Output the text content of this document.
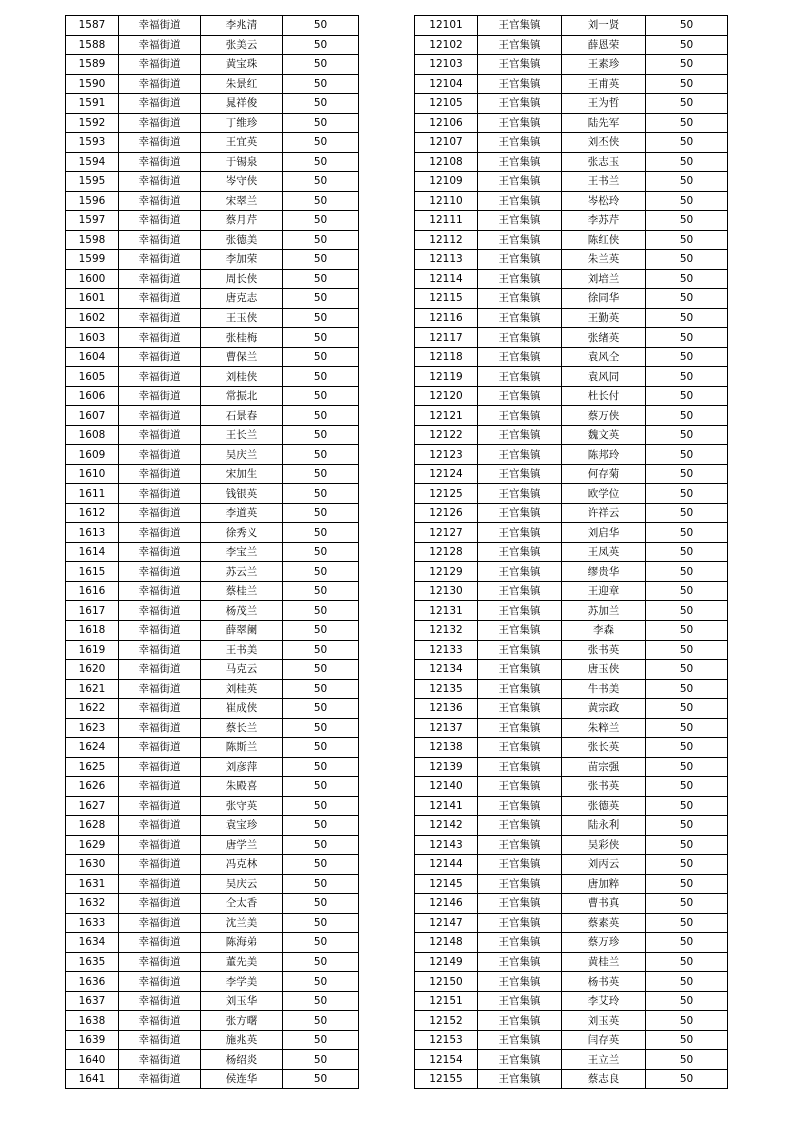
1587	幸福街道	李兆清	50
1588	幸福街道	张美云	50
1589	幸福街道	黄宝珠	50
1590	幸福街道	朱景红	50
1591	幸福街道	晁祥俊	50
1592	幸福街道	丁维珍	50
1593	幸福街道	王宜英	50
1594	幸福街道	于锡泉	50
1595	幸福街道	岑守侠	50
1596	幸福街道	宋翠兰	50
1597	幸福街道	蔡月芹	50
1598	幸福街道	张德美	50
1599	幸福街道	李加荣	50
1600	幸福街道	周长侠	50
1601	幸福街道	唐克志	50
1602	幸福街道	王玉侠	50
1603	幸福街道	张桂梅	50
1604	幸福街道	曹保兰	50
1605	幸福街道	刘桂侠	50
1606	幸福街道	常振北	50
1607	幸福街道	石景春	50
1608	幸福街道	王长兰	50
1609	幸福街道	吴庆兰	50
1610	幸福街道	宋加生	50
1611	幸福街道	钱银英	50
1612	幸福街道	李道英	50
1613	幸福街道	徐秀义	50
1614	幸福街道	李宝兰	50
1615	幸福街道	苏云兰	50
1616	幸福街道	蔡桂兰	50
1617	幸福街道	杨茂兰	50
1618	幸福街道	薛翠阑	50
1619	幸福街道	王书美	50
1620	幸福街道	马克云	50
1621	幸福街道	刘桂英	50
1622	幸福街道	崔成侠	50
1623	幸福街道	蔡长兰	50
1624	幸福街道	陈斯兰	50
1625	幸福街道	刘彦萍	50
1626	幸福街道	朱殿喜	50
1627	幸福街道	张守英	50
1628	幸福街道	袁宝珍	50
1629	幸福街道	唐学兰	50
1630	幸福街道	冯克林	50
1631	幸福街道	吴庆云	50
1632	幸福街道	仝太香	50
1633	幸福街道	沈兰美	50
1634	幸福街道	陈海弟	50
1635	幸福街道	董先美	50
1636	幸福街道	李学美	50
1637	幸福街道	刘玉华	50
1638	幸福街道	张方曙	50
1639	幸福街道	施兆英	50
1640	幸福街道	杨绍炎	50
1641	幸福街道	侯连华	50
12101	王官集镇	刘一贤	50
12102	王官集镇	薛恩荣	50
12103	王官集镇	王素珍	50
12104	王官集镇	王甫英	50
12105	王官集镇	王为哲	50
12106	王官集镇	陆先军	50
12107	王官集镇	刘丕侠	50
12108	王官集镇	张志玉	50
12109	王官集镇	王书兰	50
12110	王官集镇	岑松玲	50
12111	王官集镇	李苏芹	50
12112	王官集镇	陈红侠	50
12113	王官集镇	朱兰英	50
12114	王官集镇	刘培兰	50
12115	王官集镇	徐同华	50
12116	王官集镇	王勤英	50
12117	王官集镇	张绪英	50
12118	王官集镇	袁风仝	50
12119	王官集镇	袁风同	50
12120	王官集镇	杜长付	50
12121	王官集镇	蔡万侠	50
12122	王官集镇	魏文英	50
12123	王官集镇	陈邦玲	50
12124	王官集镇	何存菊	50
12125	王官集镇	欧学位	50
12126	王官集镇	许祥云	50
12127	王官集镇	刘启华	50
12128	王官集镇	王凤英	50
12129	王官集镇	缪贵华	50
12130	王官集镇	王迎章	50
12131	王官集镇	苏加兰	50
12132	王官集镇	李森	50
12133	王官集镇	张书英	50
12134	王官集镇	唐玉侠	50
12135	王官集镇	牛书美	50
12136	王官集镇	黄宗政	50
12137	王官集镇	朱粹兰	50
12138	王官集镇	张长英	50
12139	王官集镇	苗宗强	50
12140	王官集镇	张书英	50
12141	王官集镇	张德英	50
12142	王官集镇	陆永利	50
12143	王官集镇	吴彩侠	50
12144	王官集镇	刘丙云	50
12145	王官集镇	唐加粹	50
12146	王官集镇	曹书真	50
12147	王官集镇	蔡素英	50
12148	王官集镇	蔡万珍	50
12149	王官集镇	黄桂兰	50
12150	王官集镇	杨书英	50
12151	王官集镇	李艾玲	50
12152	王官集镇	刘玉英	50
12153	王官集镇	闫存英	50
12154	王官集镇	王立兰	50
12155	王官集镇	蔡志良	50
